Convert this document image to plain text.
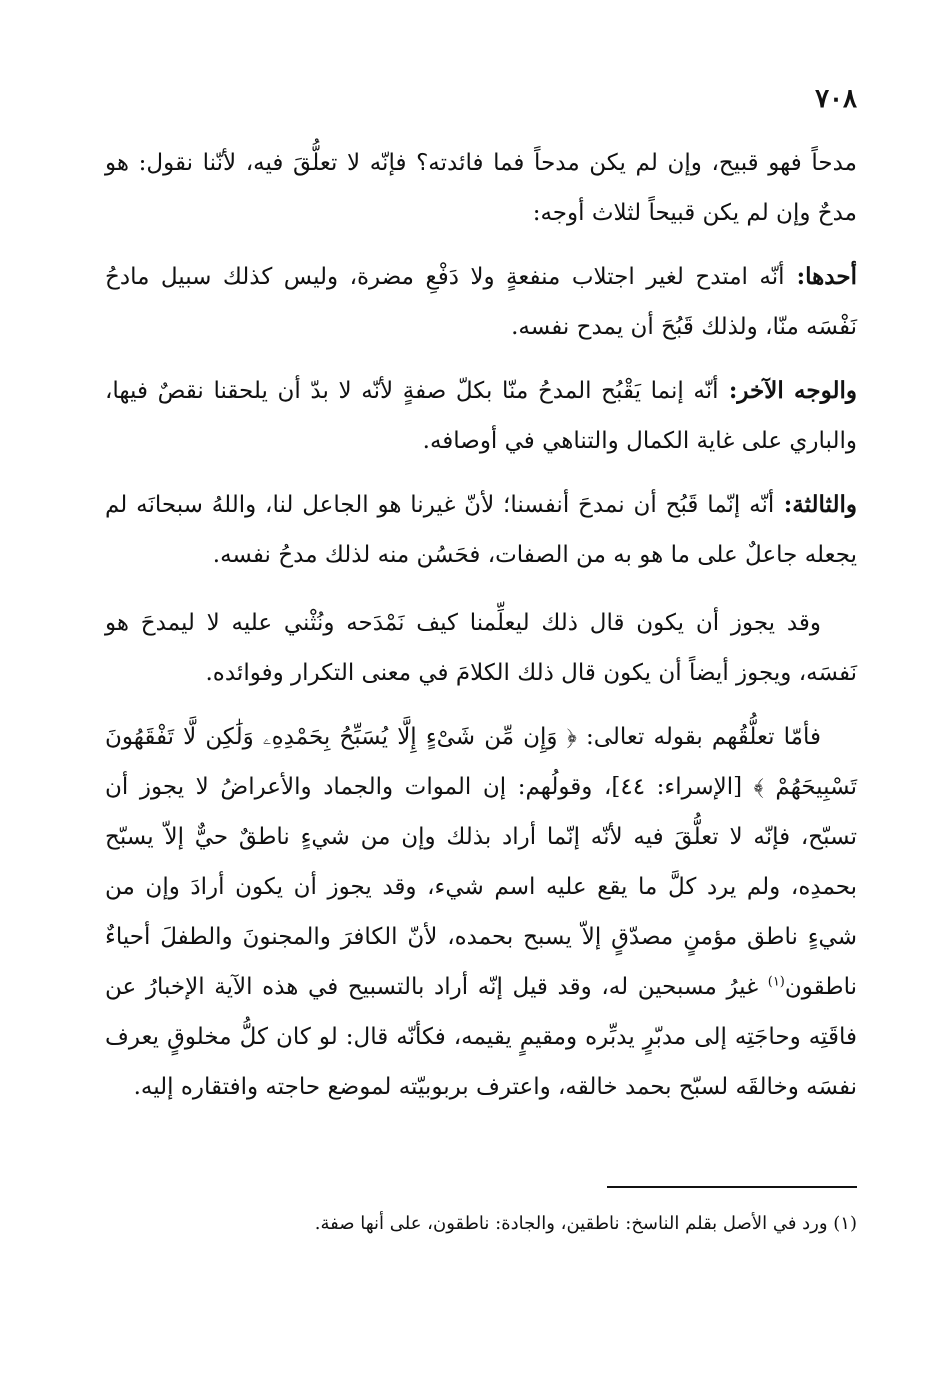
٧٠٨

مدحاً فهو قبيح، وإن لم يكن مدحاً فما فائدته؟ فإنّه لا تعلُّقَ فيه، لأنّنا نقول: هو مدحٌ وإن لم يكن قبيحاً لثلاث أوجه:

أحدها: أنّه امتدح لغير اجتلاب منفعةٍ ولا دَفْعِ مضرة، وليس كذلك سبيل مادحُ نَفْسَه منّا، ولذلك قَبُحَ أن يمدح نفسه.

والوجه الآخر: أنّه إنما يَقْبُح المدحُ منّا بكلّ صفةٍ لأنّه لا بدّ أن يلحقنا نقصٌ فيها، والباري على غاية الكمال والتناهي في أوصافه.

والثالثة: أنّه إنّما قَبُح أن نمدحَ أنفسنا؛ لأنّ غيرنا هو الجاعل لنا، واللهُ سبحانَه لم يجعله جاعلٌ على ما هو به من الصفات، فحَسُن منه لذلك مدحُ نفسه.

وقد يجوز أن يكون قال ذلك ليعلِّمنا كيف نَمْدَحه ونُثْني عليه لا ليمدحَ هو نَفسَه، ويجوز أيضاً أن يكون قال ذلك الكلامَ في معنى التكرار وفوائده.

فأمّا تعلُّقُهم بقوله تعالى: ﴿ وَإِن مِّن شَىْءٍ إِلَّا يُسَبِّحُ بِحَمْدِهِۦ وَلَٰكِن لَّا تَفْقَهُونَ تَسْبِيحَهُمْ ﴾ [الإسراء: ٤٤]، وقولُهم: إن الموات والجماد والأعراضُ لا يجوز أن تسبّح، فإنّه لا تعلُّقَ فيه لأنّه إنّما أراد بذلك وإن من شيءٍ ناطقٌ حيٌّ إلاّ يسبّح بحمدِه، ولم يرد كلَّ ما يقع عليه اسم شيء، وقد يجوز أن يكون أرادَ وإن من شيءٍ ناطق مؤمنٍ مصدّقٍ إلاّ يسبح بحمده، لأنّ الكافرَ والمجنونَ والطفلَ أحياءٌ ناطقون$^{(١)}$ غيرُ مسبحين له، وقد قيل إنّه أراد بالتسبيح في هذه الآية الإخبارُ عن فاقَتِه وحاجَتِه إلى مدبّرٍ يدبِّره ومقيمٍ يقيمه، فكأنّه قال: لو كان كلُّ مخلوقٍ يعرف نفسَه وخالقَه لسبّح بحمد خالقه، واعترف بربوبيّته لموضع حاجته وافتقاره إليه.

(١) ورد في الأصل بقلم الناسخ: ناطقين، والجادة: ناطقون، على أنها صفة.
